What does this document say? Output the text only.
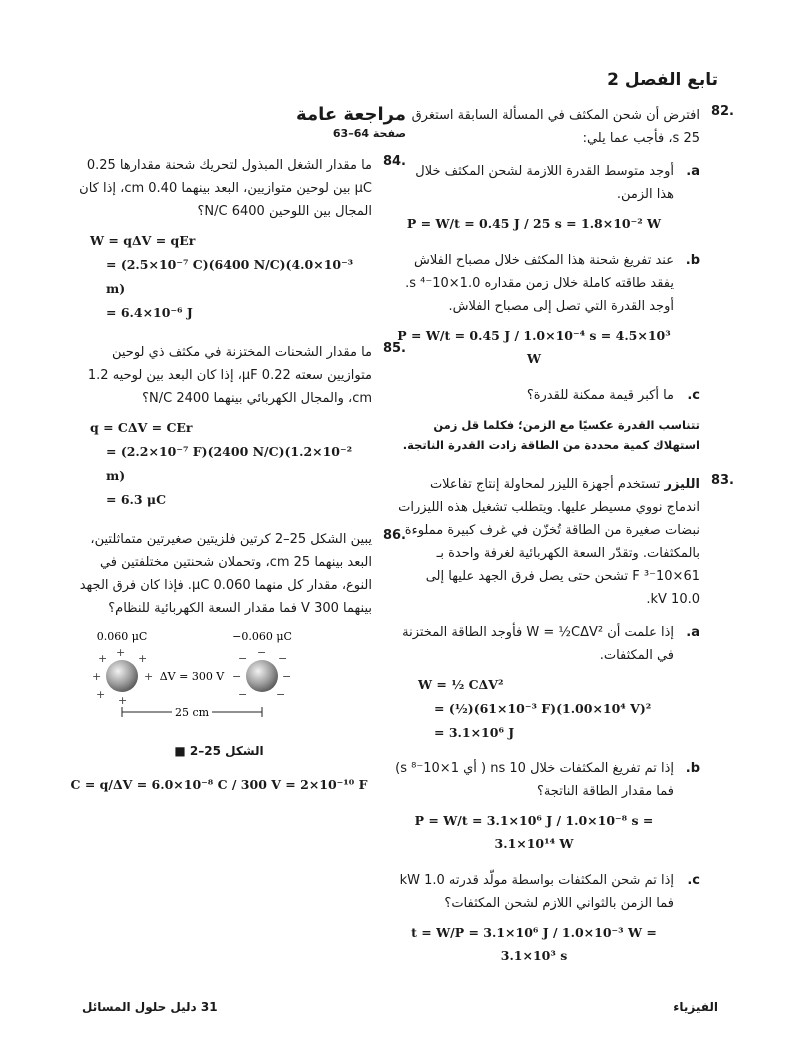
تابع الفصل 2
82.
افترض أن شحن المكثف في المسألة السابقة استغرق 25 s، فأجب عما يلي:
a.
أوجد متوسط القدرة اللازمة لشحن المكثف خلال هذا الزمن.
P = W/t = 0.45 J / 25 s = 1.8×10⁻² W
b.
عند تفريغ شحنة هذا المكثف خلال مصباح الفلاش يفقد طاقته كاملة خلال زمن مقداره 1.0×10⁻⁴ s. أوجد القدرة التي تصل إلى مصباح الفلاش.
P = W/t = 0.45 J / 1.0×10⁻⁴ s = 4.5×10³ W
c.
ما أكبر قيمة ممكنة للقدرة؟
تتناسب القدرة عكسيًا مع الزمن؛ فكلما قل زمن استهلاك كمية محددة من الطاقة زادت القدرة الناتجة.
83.
الليزر تستخدم أجهزة الليزر لمحاولة إنتاج تفاعلات اندماج نووي مسيطر عليها. ويتطلب تشغيل هذه الليزرات نبضات صغيرة من الطاقة تُخزّن في غرف كبيرة مملوءة بالمكثفات. وتقدّر السعة الكهربائية لغرفة واحدة بـ 61×10⁻³ F تشحن حتى يصل فرق الجهد عليها إلى 10.0 kV.
a.
إذا علمت أن W = ½CΔV² فأوجد الطاقة المختزنة في المكثفات.
W = ½ CΔV²
= (½)(61×10⁻³ F)(1.00×10⁴ V)²
= 3.1×10⁶ J
b.
إذا تم تفريغ المكثفات خلال 10 ns ( أي 1×10⁻⁸ s) فما مقدار الطاقة الناتجة؟
P = W/t = 3.1×10⁶ J / 1.0×10⁻⁸ s = 3.1×10¹⁴ W
c.
إذا تم شحن المكثفات بواسطة مولّد قدرته 1.0 kW فما الزمن بالثواني اللازم لشحن المكثفات؟
t = W/P = 3.1×10⁶ J / 1.0×10⁻³ W = 3.1×10³ s
مراجعة عامة
صفحة 64–63
84.
ما مقدار الشغل المبذول لتحريك شحنة مقدارها 0.25 μC بين لوحين متوازيين، البعد بينهما 0.40 cm، إذا كان المجال بين اللوحين 6400 N/C؟
W = qΔV = qEr
= (2.5×10⁻⁷ C)(6400 N/C)(4.0×10⁻³ m)
= 6.4×10⁻⁶ J
85.
ما مقدار الشحنات المختزنة في مكثف ذي لوحين متوازيين سعته 0.22 μF، إذا كان البعد بين لوحيه 1.2 cm، والمجال الكهربائي بينهما 2400 N/C؟
q = CΔV = CEr
= (2.2×10⁻⁷ F)(2400 N/C)(1.2×10⁻² m)
= 6.3 μC
86.
يبين الشكل 25–2 كرتين فلزيتين صغيرتين متماثلتين، البعد بينهما 25 cm، وتحملان شحنتين مختلفتين في النوع، مقدار كل منهما 0.060 μC. فإذا كان فرق الجهد بينهما 300 V فما مقدار السعة الكهربائية للنظام؟
0.060 μC	−0.060 μC
+	+
+	+
+ +
+	−	−
−	−
−	−
−
ΔV = 300 V
25 cm
■ الشكل 25–2
C = q/ΔV = 6.0×10⁻⁸ C / 300 V = 2×10⁻¹⁰ F
31 دليل حلول المسائل	الفيزياء
